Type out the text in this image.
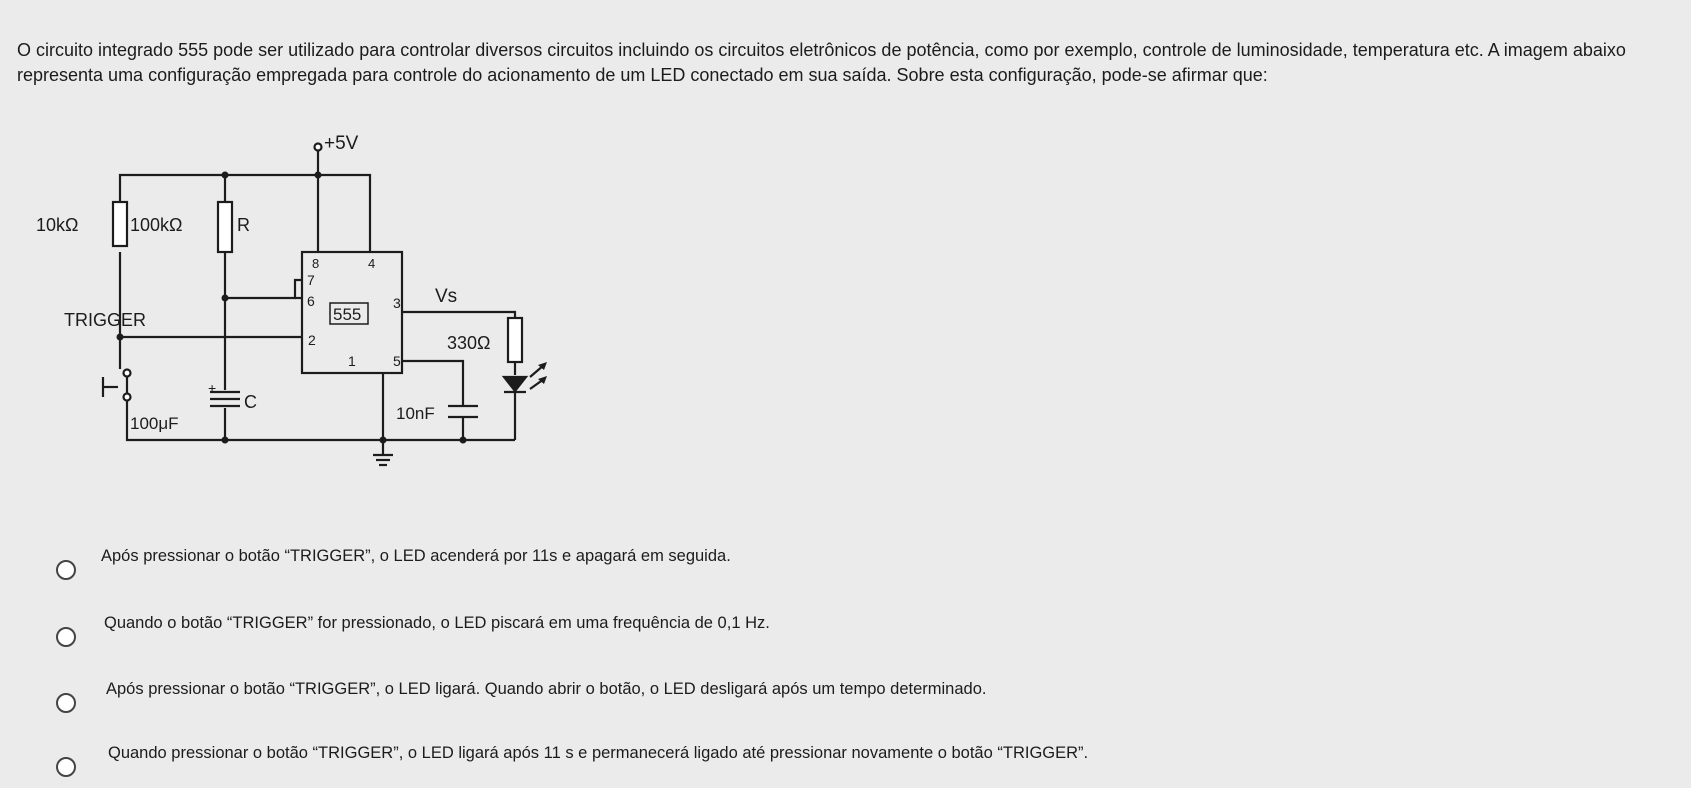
O circuito integrado 555 pode ser utilizado para controlar diversos circuitos incluindo os circuitos eletrônicos de potência, como por exemplo, controle de luminosidade, temperatura etc. A imagem abaixo representa uma configuração empregada para controle do acionamento de um LED conectado em sua saída. Sobre esta configuração, pode-se afirmar que:

+5V
10kΩ	100kΩ	R
TRIGGER
100μF
+
C
10nF
555
8	4
7
6
2
3
1	5
Vs
330Ω
Após pressionar o botão “TRIGGER”, o LED acenderá por 11s e apagará em seguida.
Quando o botão “TRIGGER” for pressionado, o LED piscará em uma frequência de 0,1 Hz.
Após pressionar o botão “TRIGGER”, o LED ligará. Quando abrir o botão, o LED desligará após um tempo determinado.
Quando pressionar o botão “TRIGGER”, o LED ligará após 11 s e permanecerá ligado até pressionar novamente o botão “TRIGGER”.
